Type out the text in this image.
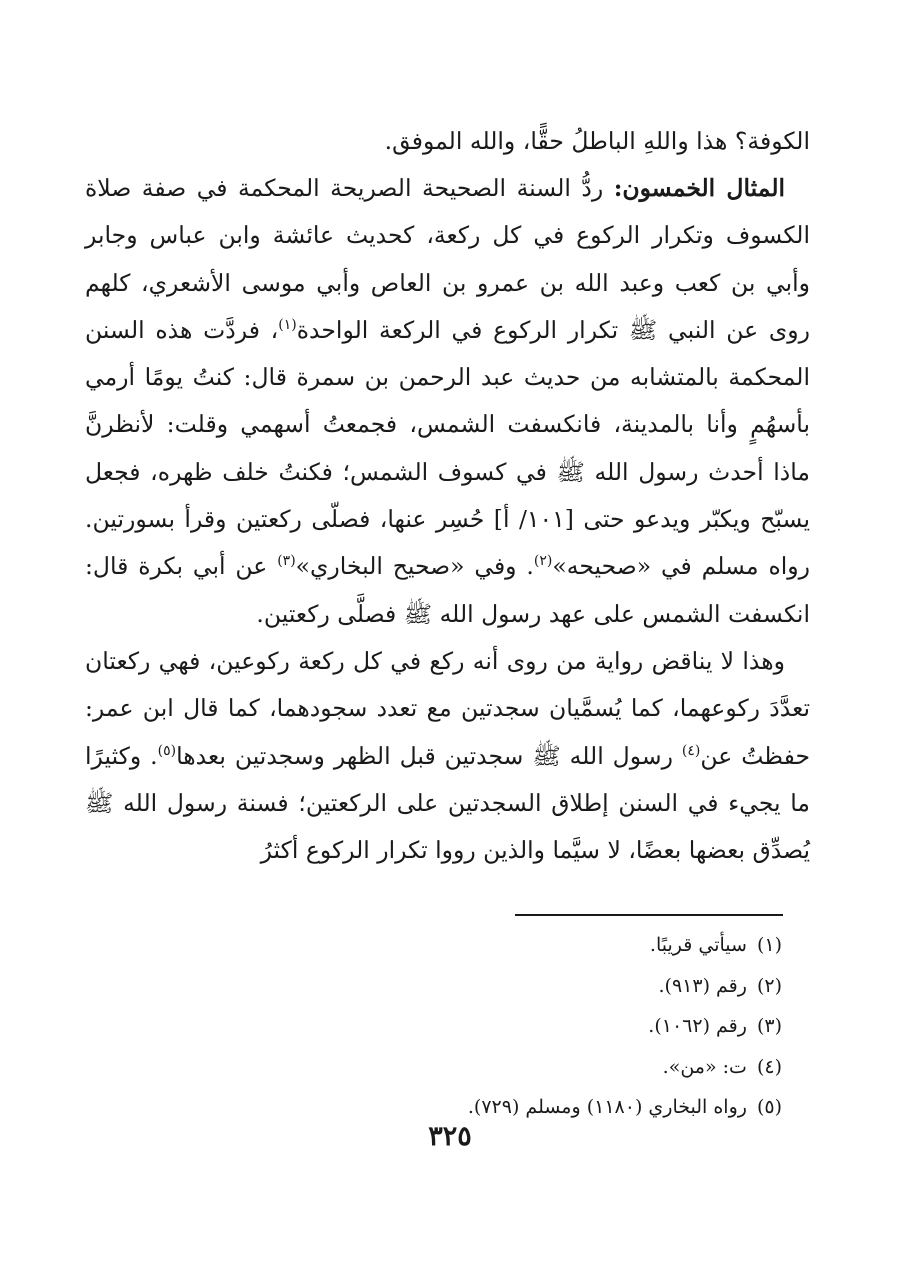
الكوفة؟ هذا واللهِ الباطلُ حقًّا، والله الموفق.

المثال الخمسون: ردُّ السنة الصحيحة الصريحة المحكمة في صفة صلاة الكسوف وتكرار الركوع في كل ركعة، كحديث عائشة وابن عباس وجابر وأبي بن كعب وعبد الله بن عمرو بن العاص وأبي موسى الأشعري، كلهم روى عن النبي ﷺ تكرار الركوع في الركعة الواحدة$^{(١)}$، فردَّت هذه السنن المحكمة بالمتشابه من حديث عبد الرحمن بن سمرة قال: كنتُ يومًا أرمي بأسهُمٍ وأنا بالمدينة، فانكسفت الشمس، فجمعتُ أسهمي وقلت: لأنظرنَّ ماذا أحدث رسول الله ﷺ في كسوف الشمس؛ فكنتُ خلف ظهره، فجعل يسبّح ويكبّر ويدعو حتى [١٠١/ أ] حُسِر عنها، فصلّى ركعتين وقرأ بسورتين. رواه مسلم في «صحيحه»$^{(٢)}$. وفي «صحيح البخاري»$^{(٣)}$ عن أبي بكرة قال: انكسفت الشمس على عهد رسول الله ﷺ فصلَّى ركعتين.

وهذا لا يناقض رواية من روى أنه ركع في كل ركعة ركوعين، فهي ركعتان تعدَّدَ ركوعهما، كما يُسمَّيان سجدتين مع تعدد سجودهما، كما قال ابن عمر: حفظتُ عن$^{(٤)}$ رسول الله ﷺ سجدتين قبل الظهر وسجدتين بعدها$^{(٥)}$. وكثيرًا ما يجيء في السنن إطلاق السجدتين على الركعتين؛ فسنة رسول الله ﷺ يُصدِّق بعضها بعضًا، لا سيَّما والذين رووا تكرار الركوع أكثرُ

(١)سيأتي قريبًا.
(٢)رقم (٩١٣).
(٣)رقم (١٠٦٢).
(٤)ت: «من».
(٥)رواه البخاري (١١٨٠) ومسلم (٧٢٩).
٣٢٥
